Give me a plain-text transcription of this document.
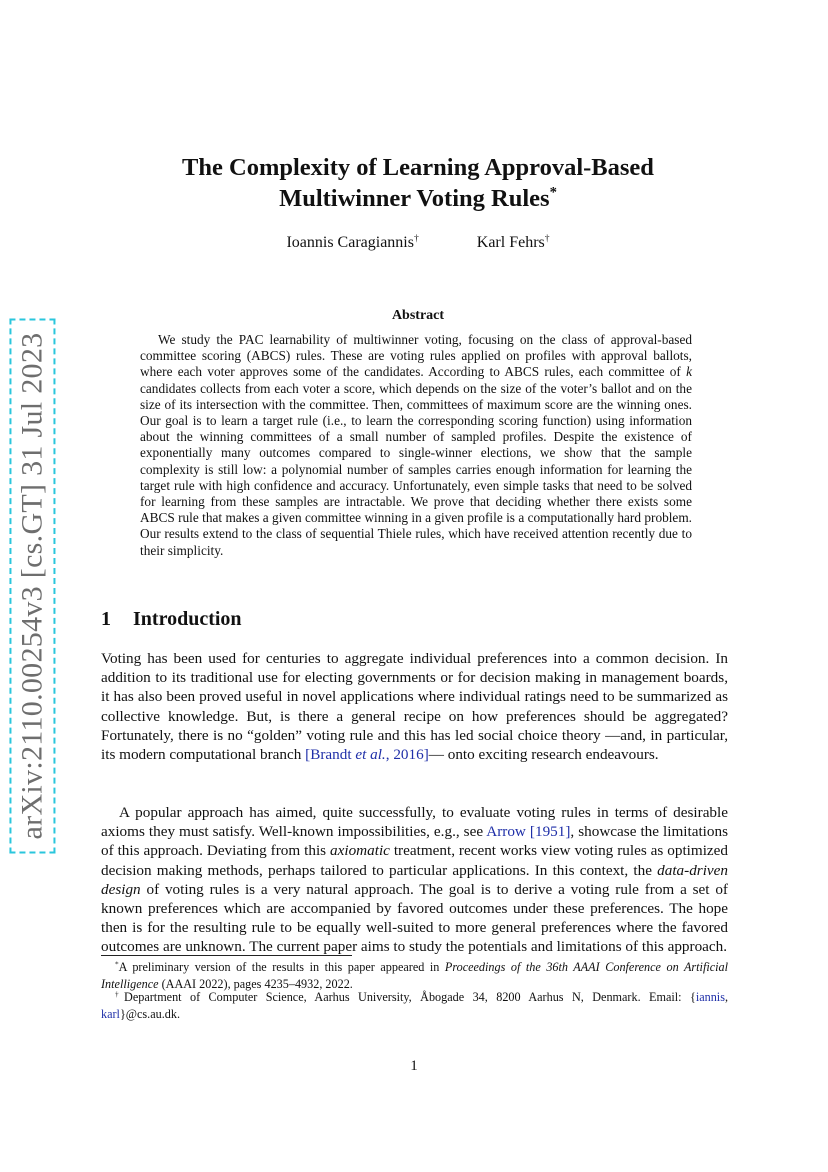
arXiv:2110.00254v3 [cs.GT] 31 Jul 2023
The Complexity of Learning Approval-Based
Multiwinner Voting Rules*
Ioannis Caragiannis†	Karl Fehrs†
Abstract

We study the PAC learnability of multiwinner voting, focusing on the class of approval-based committee scoring (ABCS) rules. These are voting rules applied on profiles with approval ballots, where each voter approves some of the candidates. According to ABCS rules, each committee of k candidates collects from each voter a score, which depends on the size of the voter’s ballot and on the size of its intersection with the committee. Then, committees of maximum score are the winning ones. Our goal is to learn a target rule (i.e., to learn the corresponding scoring function) using information about the winning committees of a small number of sampled profiles. Despite the existence of exponentially many outcomes compared to single-winner elections, we show that the sample complexity is still low: a polynomial number of samples carries enough information for learning the target rule with high confidence and accuracy. Unfortunately, even simple tasks that need to be solved for learning from these samples are intractable. We prove that deciding whether there exists some ABCS rule that makes a given committee winning in a given profile is a computationally hard problem. Our results extend to the class of sequential Thiele rules, which have received attention recently due to their simplicity.

1 Introduction

Voting has been used for centuries to aggregate individual preferences into a common decision. In addition to its traditional use for electing governments or for decision making in management boards, it has also been proved useful in novel applications where individual ratings need to be summarized as collective knowledge. But, is there a general recipe on how preferences should be aggregated? Fortunately, there is no “golden” voting rule and this has led social choice theory —and, in particular, its modern computational branch [Brandt et al., 2016]— onto exciting research endeavours.

A popular approach has aimed, quite successfully, to evaluate voting rules in terms of desirable axioms they must satisfy. Well-known impossibilities, e.g., see Arrow [1951], showcase the limitations of this approach. Deviating from this axiomatic treatment, recent works view voting rules as optimized decision making methods, perhaps tailored to particular applications. In this context, the data-driven design of voting rules is a very natural approach. The goal is to derive a voting rule from a set of known preferences which are accompanied by favored outcomes under these preferences. The hope then is for the resulting rule to be equally well-suited to more general preferences where the favored outcomes are unknown. The current paper aims to study the potentials and limitations of this approach.

*A preliminary version of the results in this paper appeared in Proceedings of the 36th AAAI Conference on Artificial Intelligence (AAAI 2022), pages 4235–4932, 2022.

†Department of Computer Science, Aarhus University, Åbogade 34, 8200 Aarhus N, Denmark. Email: {iannis, karl}@cs.au.dk.

1
